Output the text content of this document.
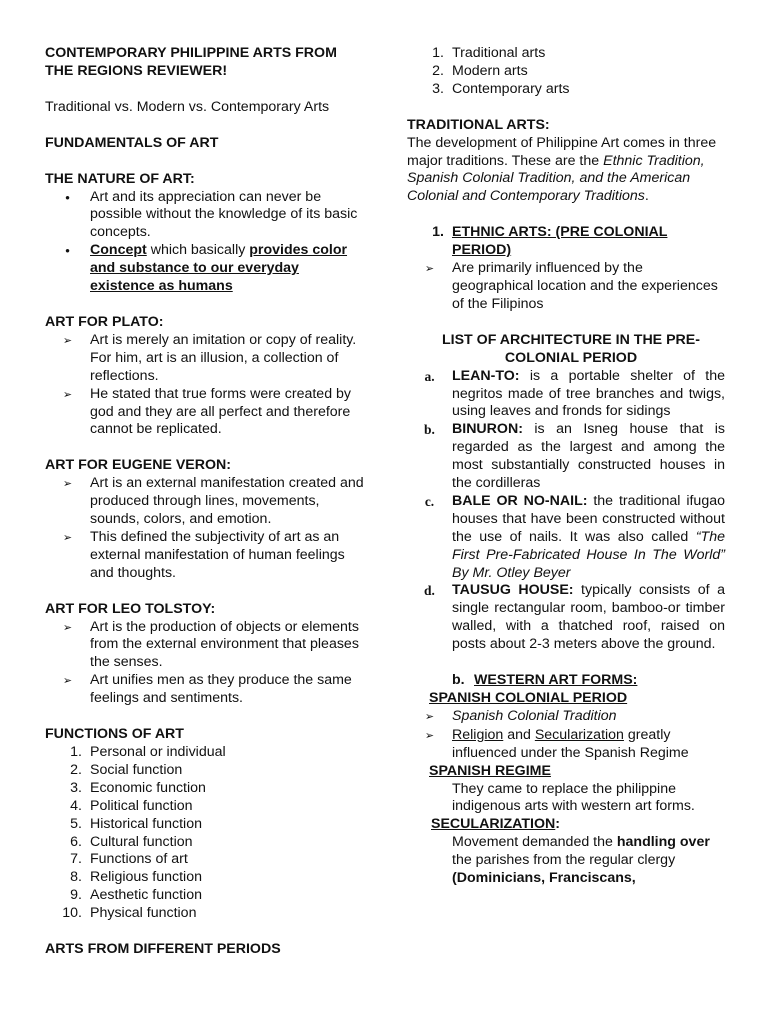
CONTEMPORARY PHILIPPINE ARTS FROM
THE REGIONS REVIEWER!

Traditional vs. Modern vs. Contemporary Arts

FUNDAMENTALS OF ART

THE NATURE OF ART:

•	Art and its appreciation can never be possible without the knowledge of its basic concepts.
•	Concept which basically provides color and substance to our everyday existence as humans

ART FOR PLATO:

➢	Art is merely an imitation or copy of reality. For him, art is an illusion, a collection of reflections.
➢	He stated that true forms were created by god and they are all perfect and therefore cannot be replicated.

ART FOR EUGENE VERON:

➢	Art is an external manifestation created and produced through lines, movements, sounds, colors, and emotion.
➢	This defined the subjectivity of art as an external manifestation of human feelings and thoughts.

ART FOR LEO TOLSTOY:

➢	Art is the production of objects or elements from the external environment that pleases the senses.
➢	Art unifies men as they produce the same feelings and sentiments.

FUNCTIONS OF ART

1. Personal or individual
2. Social function
3. Economic function
4. Political function
5. Historical function
6. Cultural function
7. Functions of art
8. Religious function
9. Aesthetic function
10. Physical function

ARTS FROM DIFFERENT PERIODS

1. Traditional arts
2. Modern arts
3. Contemporary arts

TRADITIONAL ARTS:

The development of Philippine Art comes in three major traditions. These are the Ethnic Tradition, Spanish Colonial Tradition, and the American Colonial and Contemporary Traditions.

1. ETHNIC ARTS: (PRE COLONIAL PERIOD)
➢	Are primarily influenced by the geographical location and the experiences of the Filipinos

LIST OF ARCHITECTURE IN THE PRE-COLONIAL PERIOD

a.	LEAN-TO: is a portable shelter of the negritos made of tree branches and twigs, using leaves and fronds for sidings
b.	BINURON: is an Isneg house that is regarded as the largest and among the most substantially constructed houses in the cordilleras
c.	BALE OR NO-NAIL: the traditional ifugao houses that have been constructed without the use of nails. It was also called “The First Pre-Fabricated House In The World” By Mr. Otley Beyer
d.	TAUSUG HOUSE: typically consists of a single rectangular room, bamboo-or timber walled, with a thatched roof, raised on posts about 2-3 meters above the ground.
b. WESTERN ART FORMS:

SPANISH COLONIAL PERIOD

➢	Spanish Colonial Tradition
➢	Religion and Secularization greatly influenced under the Spanish Regime

SPANISH REGIME

They came to replace the philippine indigenous arts with western art forms.

SECULARIZATION:

Movement demanded the handling over the parishes from the regular clergy (Dominicians, Franciscans,
